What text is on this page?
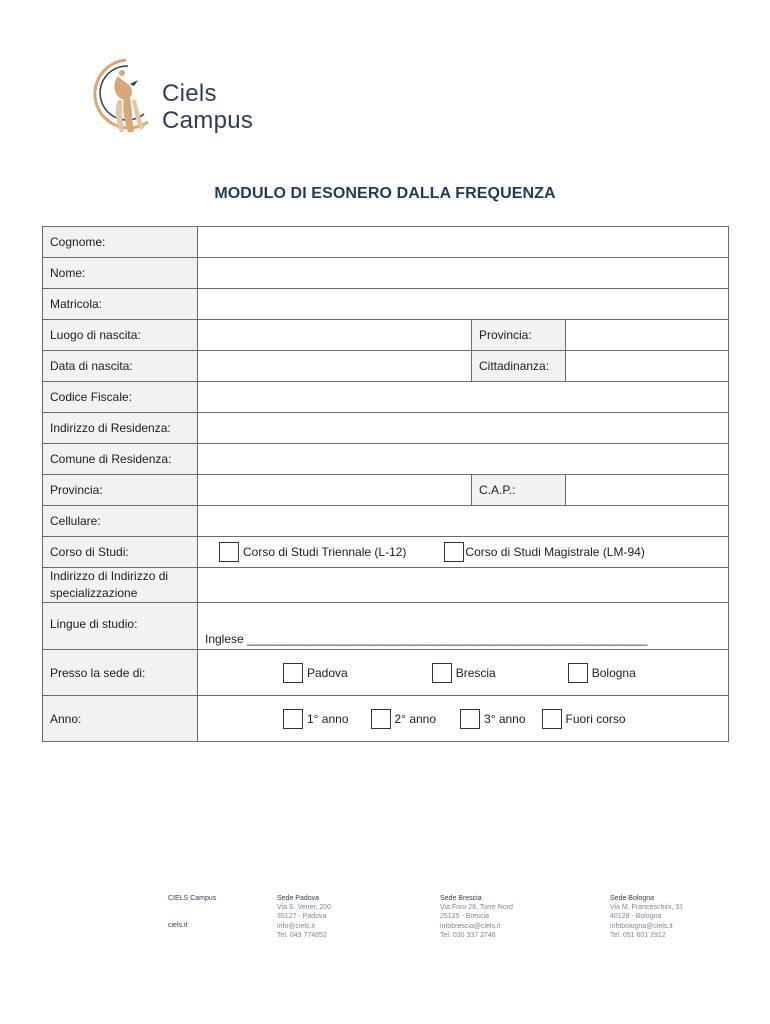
Ciels
Campus
MODULO DI ESONERO DALLA FREQUENZA
Cognome:			
Nome:			
Matricola:			
Luogo di nascita:		Provincia:	
Data di nascita:		Cittadinanza:	
Codice Fiscale:			
Indirizzo di Residenza:			
Comune di Residenza:			
Provincia:		C.A.P.:	
Cellulare:			
Corso di Studi:	Corso di Studi Triennale (L-12) Corso di Studi Magistrale (LM-94)		

Indirizzo di Indirizzo di specializzazione			
Lingue di studio:	Inglese ____________________________________________________________		

Presso la sede di:	Padova Brescia Bologna		

Anno:	1° anno 2° anno 3° anno Fuori corso		
CIELS Campus
ciels.it
Sede Padova
Via S. Vener, 200
35127 - Padova
info@ciels.it
Tel. 049 774852
Sede Brescia
Via Foro 28, Torre Nord
25125 - Brescia
infobrescia@ciels.it
Tel. 030 337 2746
Sede Bologna
Via M. Franceschini, 31
40128 - Bologna
infobologna@ciels.it
Tel. 051 601 2912
